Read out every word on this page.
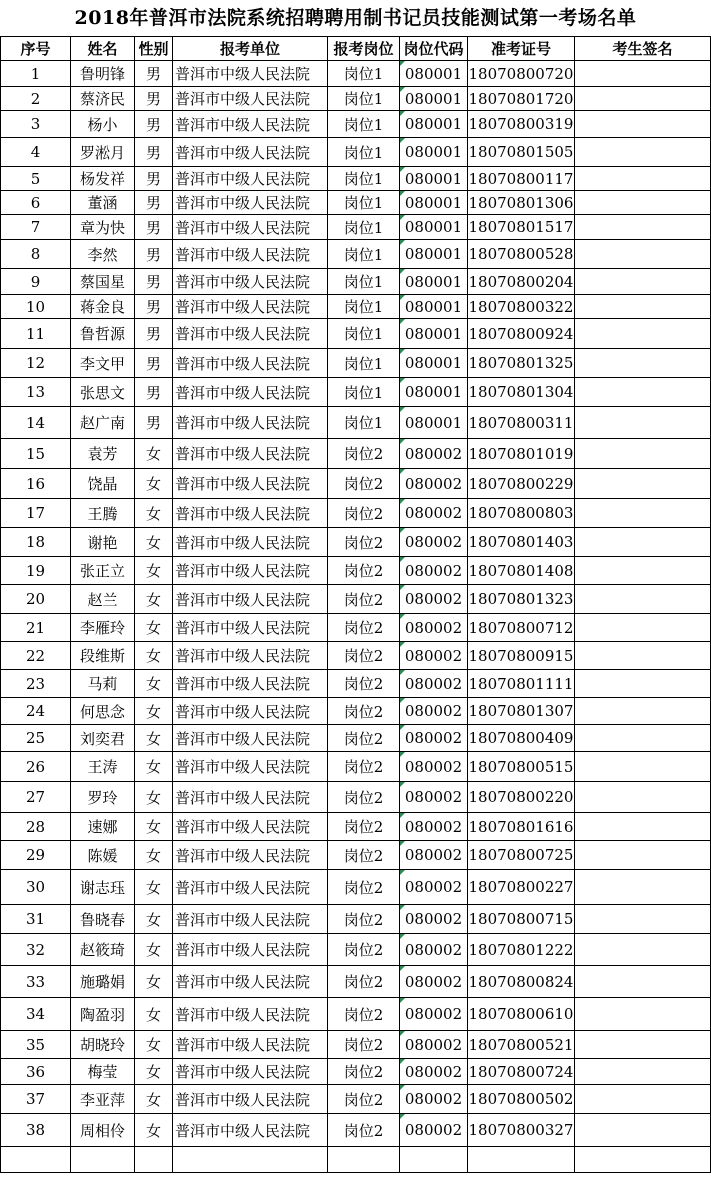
2018年普洱市法院系统招聘聘用制书记员技能测试第一考场名单
序号	姓名	性别	报考单位	报考岗位	岗位代码	准考证号	考生签名
1	鲁明锋	男	普洱市中级人民法院	岗位1	080001	18070800720	
2	蔡济民	男	普洱市中级人民法院	岗位1	080001	18070801720	
3	杨小	男	普洱市中级人民法院	岗位1	080001	18070800319	
4	罗淞月	男	普洱市中级人民法院	岗位1	080001	18070801505	
5	杨发祥	男	普洱市中级人民法院	岗位1	080001	18070800117	
6	董涵	男	普洱市中级人民法院	岗位1	080001	18070801306	
7	章为快	男	普洱市中级人民法院	岗位1	080001	18070801517	
8	李然	男	普洱市中级人民法院	岗位1	080001	18070800528	
9	蔡国星	男	普洱市中级人民法院	岗位1	080001	18070800204	
10	蒋金良	男	普洱市中级人民法院	岗位1	080001	18070800322	
11	鲁哲源	男	普洱市中级人民法院	岗位1	080001	18070800924	
12	李文甲	男	普洱市中级人民法院	岗位1	080001	18070801325	
13	张思文	男	普洱市中级人民法院	岗位1	080001	18070801304	
14	赵广南	男	普洱市中级人民法院	岗位1	080001	18070800311	
15	袁芳	女	普洱市中级人民法院	岗位2	080002	18070801019	
16	饶晶	女	普洱市中级人民法院	岗位2	080002	18070800229	
17	王腾	女	普洱市中级人民法院	岗位2	080002	18070800803	
18	谢艳	女	普洱市中级人民法院	岗位2	080002	18070801403	
19	张正立	女	普洱市中级人民法院	岗位2	080002	18070801408	
20	赵兰	女	普洱市中级人民法院	岗位2	080002	18070801323	
21	李雁玲	女	普洱市中级人民法院	岗位2	080002	18070800712	
22	段维斯	女	普洱市中级人民法院	岗位2	080002	18070800915	
23	马莉	女	普洱市中级人民法院	岗位2	080002	18070801111	
24	何思念	女	普洱市中级人民法院	岗位2	080002	18070801307	
25	刘奕君	女	普洱市中级人民法院	岗位2	080002	18070800409	
26	王涛	女	普洱市中级人民法院	岗位2	080002	18070800515	
27	罗玲	女	普洱市中级人民法院	岗位2	080002	18070800220	
28	速娜	女	普洱市中级人民法院	岗位2	080002	18070801616	
29	陈媛	女	普洱市中级人民法院	岗位2	080002	18070800725	
30	谢志珏	女	普洱市中级人民法院	岗位2	080002	18070800227	
31	鲁晓春	女	普洱市中级人民法院	岗位2	080002	18070800715	
32	赵筱琦	女	普洱市中级人民法院	岗位2	080002	18070801222	
33	施璐娟	女	普洱市中级人民法院	岗位2	080002	18070800824	
34	陶盈羽	女	普洱市中级人民法院	岗位2	080002	18070800610	
35	胡晓玲	女	普洱市中级人民法院	岗位2	080002	18070800521	
36	梅莹	女	普洱市中级人民法院	岗位2	080002	18070800724	
37	李亚萍	女	普洱市中级人民法院	岗位2	080002	18070800502	
38	周相伶	女	普洱市中级人民法院	岗位2	080002	18070800327	
